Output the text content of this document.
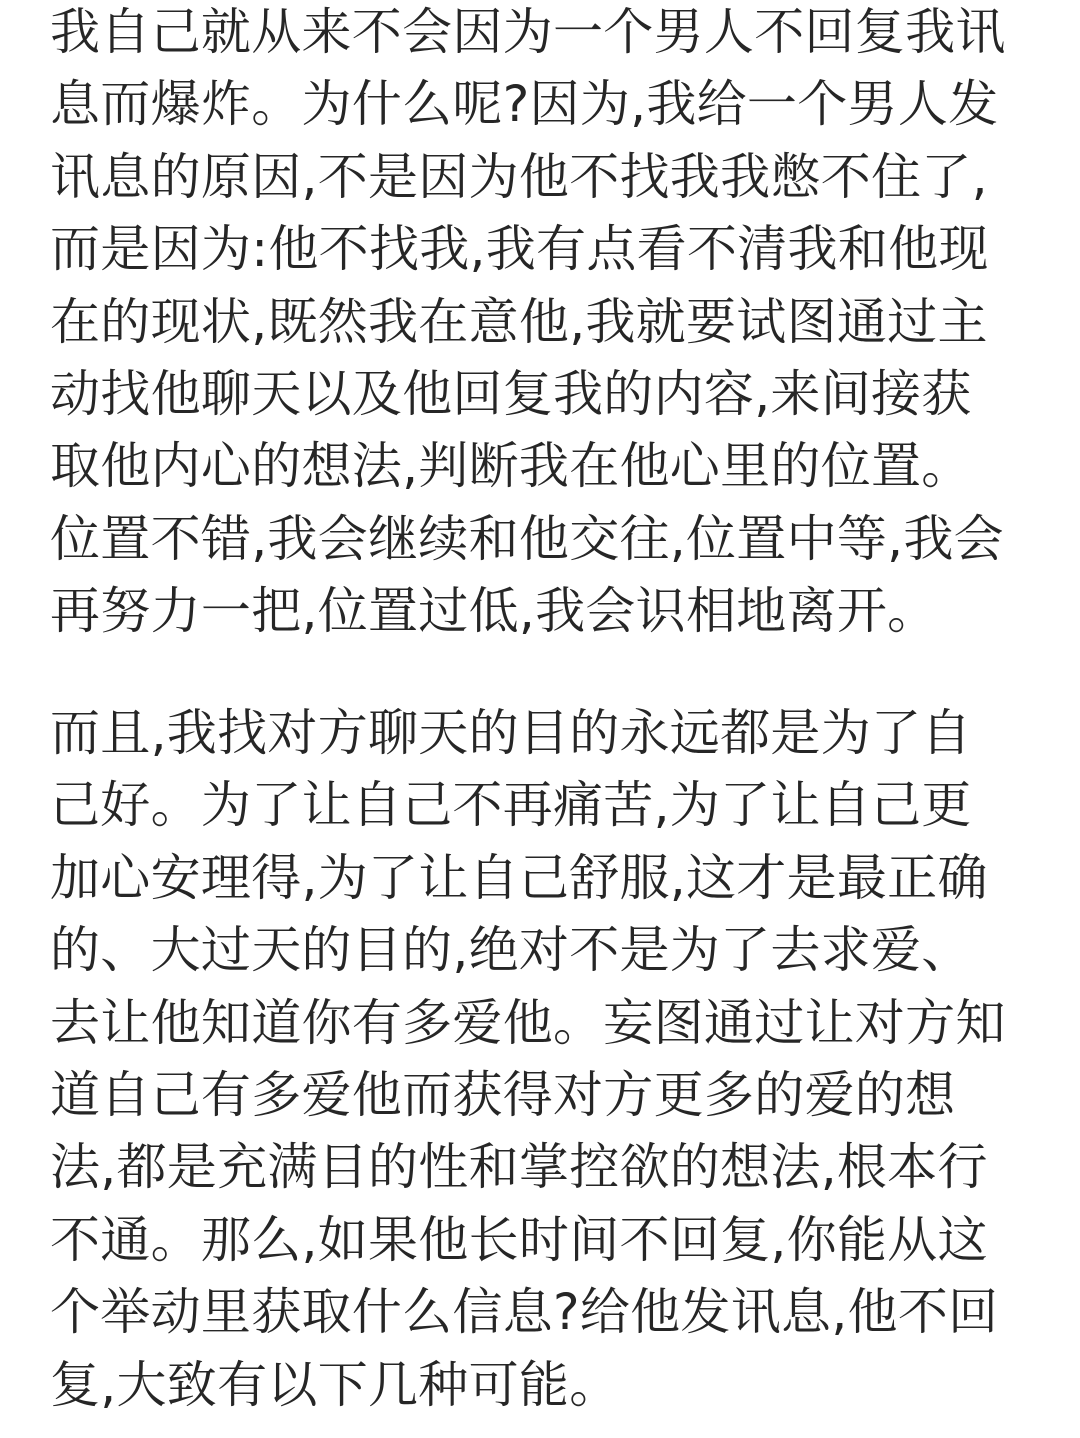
我自己就从来不会因为一个男人不回复我讯
息而爆炸。为什么呢?因为,我给一个男人发
讯息的原因,不是因为他不找我我憋不住了,
而是因为:他不找我,我有点看不清我和他现
在的现状,既然我在意他,我就要试图通过主
动找他聊天以及他回复我的内容,来间接获
取他内心的想法,判断我在他心里的位置。
位置不错,我会继续和他交往,位置中等,我会
再努力一把,位置过低,我会识相地离开。

而且,我找对方聊天的目的永远都是为了自
己好。为了让自己不再痛苦,为了让自己更
加心安理得,为了让自己舒服,这才是最正确
的、大过天的目的,绝对不是为了去求爱、
去让他知道你有多爱他。妄图通过让对方知
道自己有多爱他而获得对方更多的爱的想
法,都是充满目的性和掌控欲的想法,根本行
不通。那么,如果他长时间不回复,你能从这
个举动里获取什么信息?给他发讯息,他不回
复,大致有以下几种可能。
